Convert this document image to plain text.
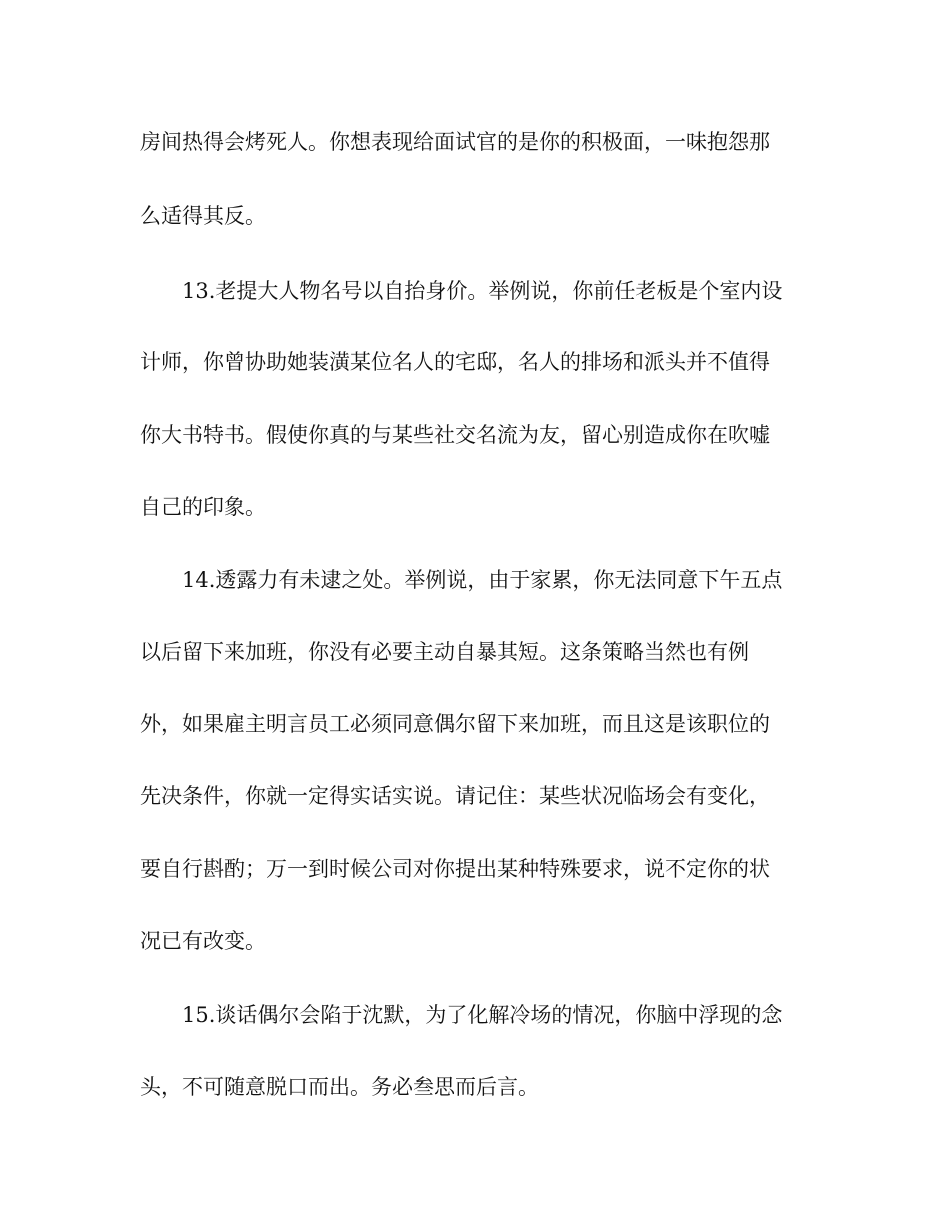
房间热得会烤死人。你想表现给面试官的是你的积极面，一味抱怨那
么适得其反。
13.老提大人物名号以自抬身价。举例说，你前任老板是个室内设
计师，你曾协助她装潢某位名人的宅邸，名人的排场和派头并不值得
你大书特书。假使你真的与某些社交名流为友，留心别造成你在吹嘘
自己的印象。
14.透露力有未逮之处。举例说，由于家累，你无法同意下午五点
以后留下来加班，你没有必要主动自暴其短。这条策略当然也有例
外，如果雇主明言员工必须同意偶尔留下来加班，而且这是该职位的
先决条件，你就一定得实话实说。请记住：某些状况临场会有变化，
要自行斟酌；万一到时候公司对你提出某种特殊要求，说不定你的状
况已有改变。
15.谈话偶尔会陷于沈默，为了化解冷场的情况，你脑中浮现的念
头，不可随意脱口而出。务必叁思而后言。
